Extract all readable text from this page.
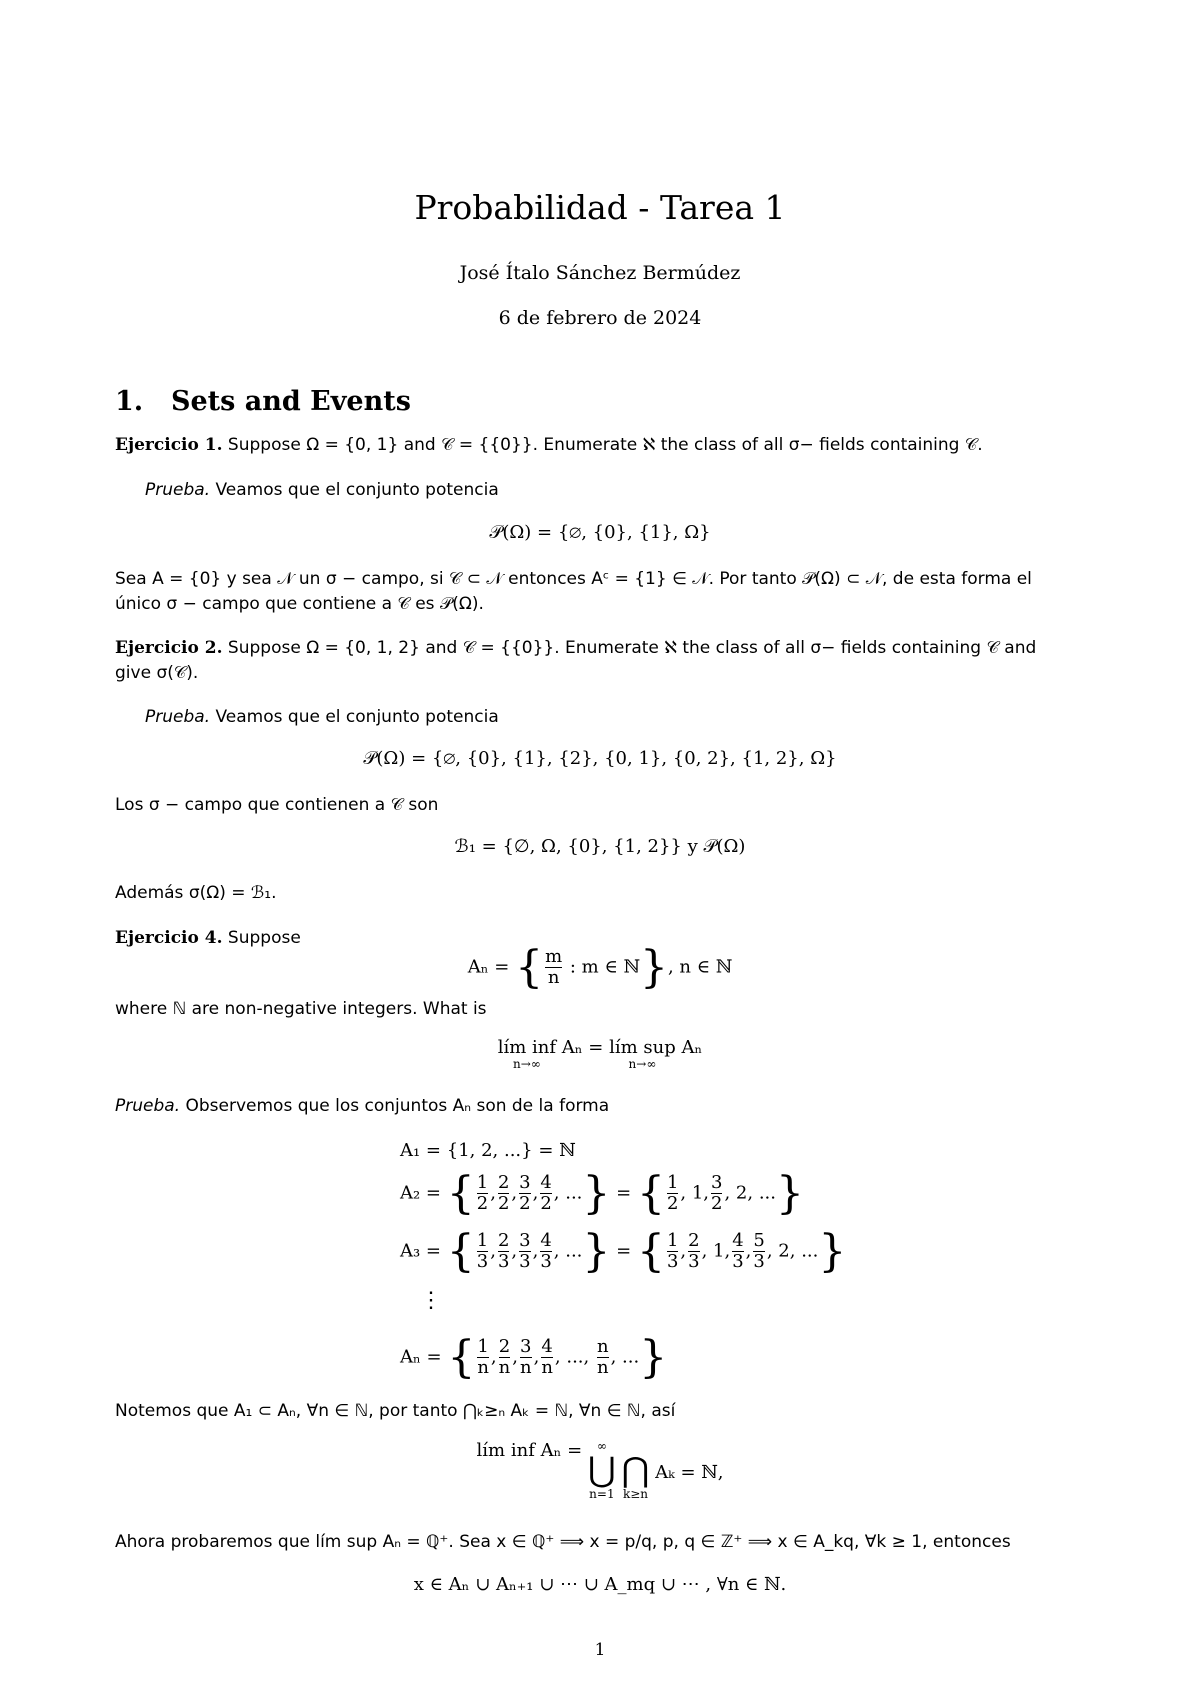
Probabilidad - Tarea 1
José Ítalo Sánchez Bermúdez
6 de febrero de 2024
1. Sets and Events
Ejercicio 1. Suppose Ω = {0, 1} and 𝒞 = {{0}}. Enumerate ℵ the class of all σ− fields containing 𝒞.
Prueba. Veamos que el conjunto potencia
𝒫(Ω) = {∅, {0}, {1}, Ω}
Sea A = {0} y sea 𝒩 un σ − campo, si 𝒞 ⊂ 𝒩 entonces Aᶜ = {1} ∈ 𝒩. Por tanto 𝒫(Ω) ⊂ 𝒩, de esta forma el
único σ − campo que contiene a 𝒞 es 𝒫(Ω).
Ejercicio 2. Suppose Ω = {0, 1, 2} and 𝒞 = {{0}}. Enumerate ℵ the class of all σ− fields containing 𝒞 and
give σ(𝒞).
Prueba. Veamos que el conjunto potencia
𝒫(Ω) = {∅, {0}, {1}, {2}, {0, 1}, {0, 2}, {1, 2}, Ω}
Los σ − campo que contienen a 𝒞 son
ℬ₁ = {∅, Ω, {0}, {1, 2}} y 𝒫(Ω)
Además σ(Ω) = ℬ₁.
Ejercicio 4. Suppose
Aₙ = { $\frac{m}{n}$ : m ∈ ℕ}, n ∈ ℕ
where ℕ are non-negative integers. What is
lím inf
n→∞
Aₙ = lím sup
n→∞
Aₙ
Prueba. Observemos que los conjuntos Aₙ son de la forma
A₁ = {1, 2, ...} = ℕ
A₂ = { $\frac{1}{2}$ , $\frac{2}{2}$ , $\frac{3}{2}$ , $\frac{4}{2}$ , ...} = { $\frac{1}{2}$ , 1, $\frac{3}{2}$ , 2, ...}
A₃ = { $\frac{1}{3}$ , $\frac{2}{3}$ , $\frac{3}{3}$ , $\frac{4}{3}$ , ...} = { $\frac{1}{3}$ , $\frac{2}{3}$ , 1, $\frac{4}{3}$ , $\frac{5}{3}$ , 2, ...}
⋮
Aₙ = { $\frac{1}{n}$ , $\frac{2}{n}$ , $\frac{3}{n}$ , $\frac{4}{n}$ , ..., $\frac{n}{n}$ , ...}
Notemos que A₁ ⊂ Aₙ, ∀n ∈ ℕ, por tanto ⋂ₖ≥ₙ Aₖ = ℕ, ∀n ∈ ℕ, así
lím inf Aₙ =	∞
⋃
n=1

⋂
k≥n
Aₖ = ℕ,
Ahora probaremos que lím sup Aₙ = ℚ⁺. Sea x ∈ ℚ⁺ ⟹ x = p/q, p, q ∈ ℤ⁺ ⟹ x ∈ A_kq, ∀k ≥ 1, entonces
x ∈ Aₙ ∪ Aₙ₊₁ ∪ ⋯ ∪ A_mq ∪ ⋯ , ∀n ∈ ℕ.
1
